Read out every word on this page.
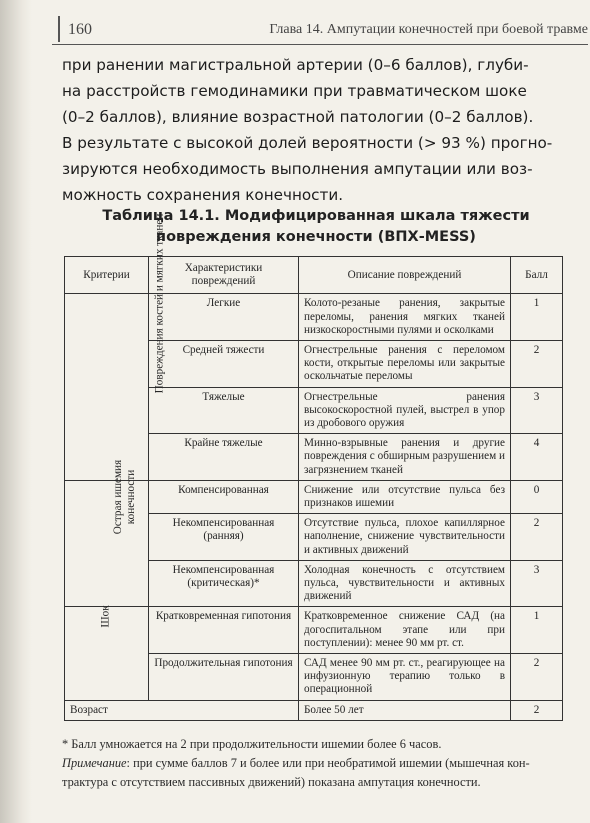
160	Глава 14. Ампутации конечностей при боевой травме
при ранении магистральной артерии (0–6 баллов), глуби-
на расстройств гемодинамики при травматическом шоке
(0–2 баллов), влияние возрастной патологии (0–2 баллов).
В результате с высокой долей вероятности (> 93 %) прогно-
зируются необходимость выполнения ампутации или воз-
можность сохранения конечности.
Таблица 14.1. Модифицированная шкала тяжести
повреждения конечности (ВПХ-MESS)
Критерии	Характеристики повреждений	Описание повреждений	Балл
Повреждения костей и мягких тканей	Легкие	Колото-резаные ранения, закрытые переломы, ранения мягких тканей низкоскоростными пулями и осколками	1
	Средней тяжести	Огнестрельные ранения с переломом кости, открытые переломы или закрытые оскольчатые переломы	2
	Тяжелые	Огнестрельные ранения высокоскоростной пулей, выстрел в упор из дробового оружия	3
	Крайне тяжелые	Минно-взрывные ранения и другие повреждения с обширным разрушением и загрязнением тканей	4
Острая ишемия конечности	Компенсированная	Снижение или отсутствие пульса без признаков ишемии	0
	Некомпенсированная (ранняя)	Отсутствие пульса, плохое капиллярное наполнение, снижение чувствительности и активных движений	2
	Некомпенсированная (критическая)*	Холодная конечность с отсутствием пульса, чувствительности и активных движений	3
Шок	Кратковременная гипотония	Кратковременное снижение САД (на догоспитальном этапе или при поступлении): менее 90 мм рт. ст.	1
	Продолжительная гипотония	САД менее 90 мм рт. ст., реагирующее на инфузионную терапию только в операционной	2
Возраст		Более 50 лет	2
* Балл умножается на 2 при продолжительности ишемии более 6 часов.
Примечание: при сумме баллов 7 и более или при необратимой ишемии (мышечная кон-
трактура с отсутствием пассивных движений) показана ампутация конечности.
